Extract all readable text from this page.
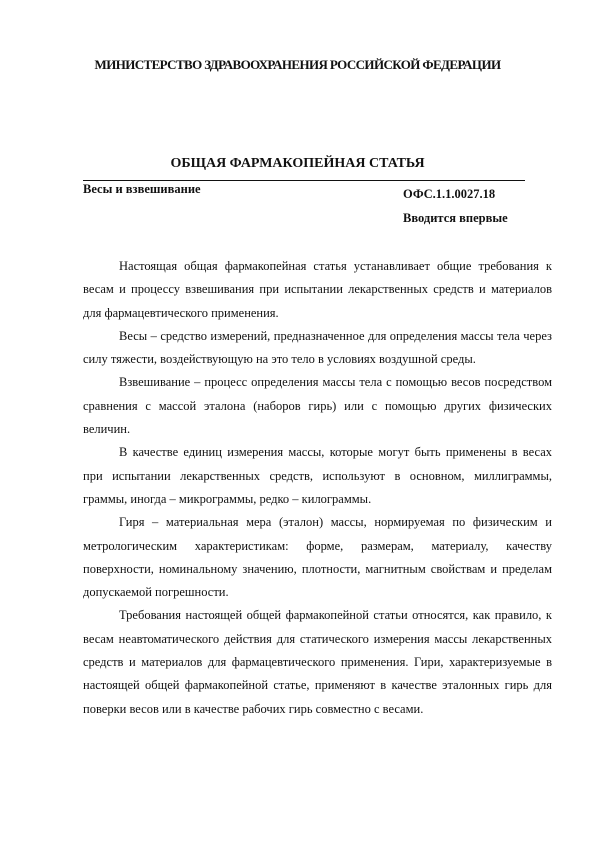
МИНИСТЕРСТВО ЗДРАВООХРАНЕНИЯ РОССИЙСКОЙ ФЕДЕРАЦИИ
ОБЩАЯ ФАРМАКОПЕЙНАЯ СТАТЬЯ
Весы и взвешивание	ОФС.1.1.0027.18
Вводится впервые

Настоящая общая фармакопейная статья устанавливает общие требования к весам и процессу взвешивания при испытании лекарственных средств и материалов для фармацевтического применения.

Весы – средство измерений, предназначенное для определения массы тела через силу тяжести, воздействующую на это тело в условиях воздушной среды.

Взвешивание – процесс определения массы тела с помощью весов посредством сравнения с массой эталона (наборов гирь) или с помощью других физических величин.

В качестве единиц измерения массы, которые могут быть применены в весах при испытании лекарственных средств, используют в основном, миллиграммы, граммы, иногда – микрограммы, редко – килограммы.

Гиря – материальная мера (эталон) массы, нормируемая по физическим и метрологическим характеристикам: форме, размерам, материалу, качеству поверхности, номинальному значению, плотности, магнитным свойствам и пределам допускаемой погрешности.

Требования настоящей общей фармакопейной статьи относятся, как правило, к весам неавтоматического действия для статического измерения массы лекарственных средств и материалов для фармацевтического применения. Гири, характеризуемые в настоящей общей фармакопейной статье, применяют в качестве эталонных гирь для поверки весов или в качестве рабочих гирь совместно с весами.
